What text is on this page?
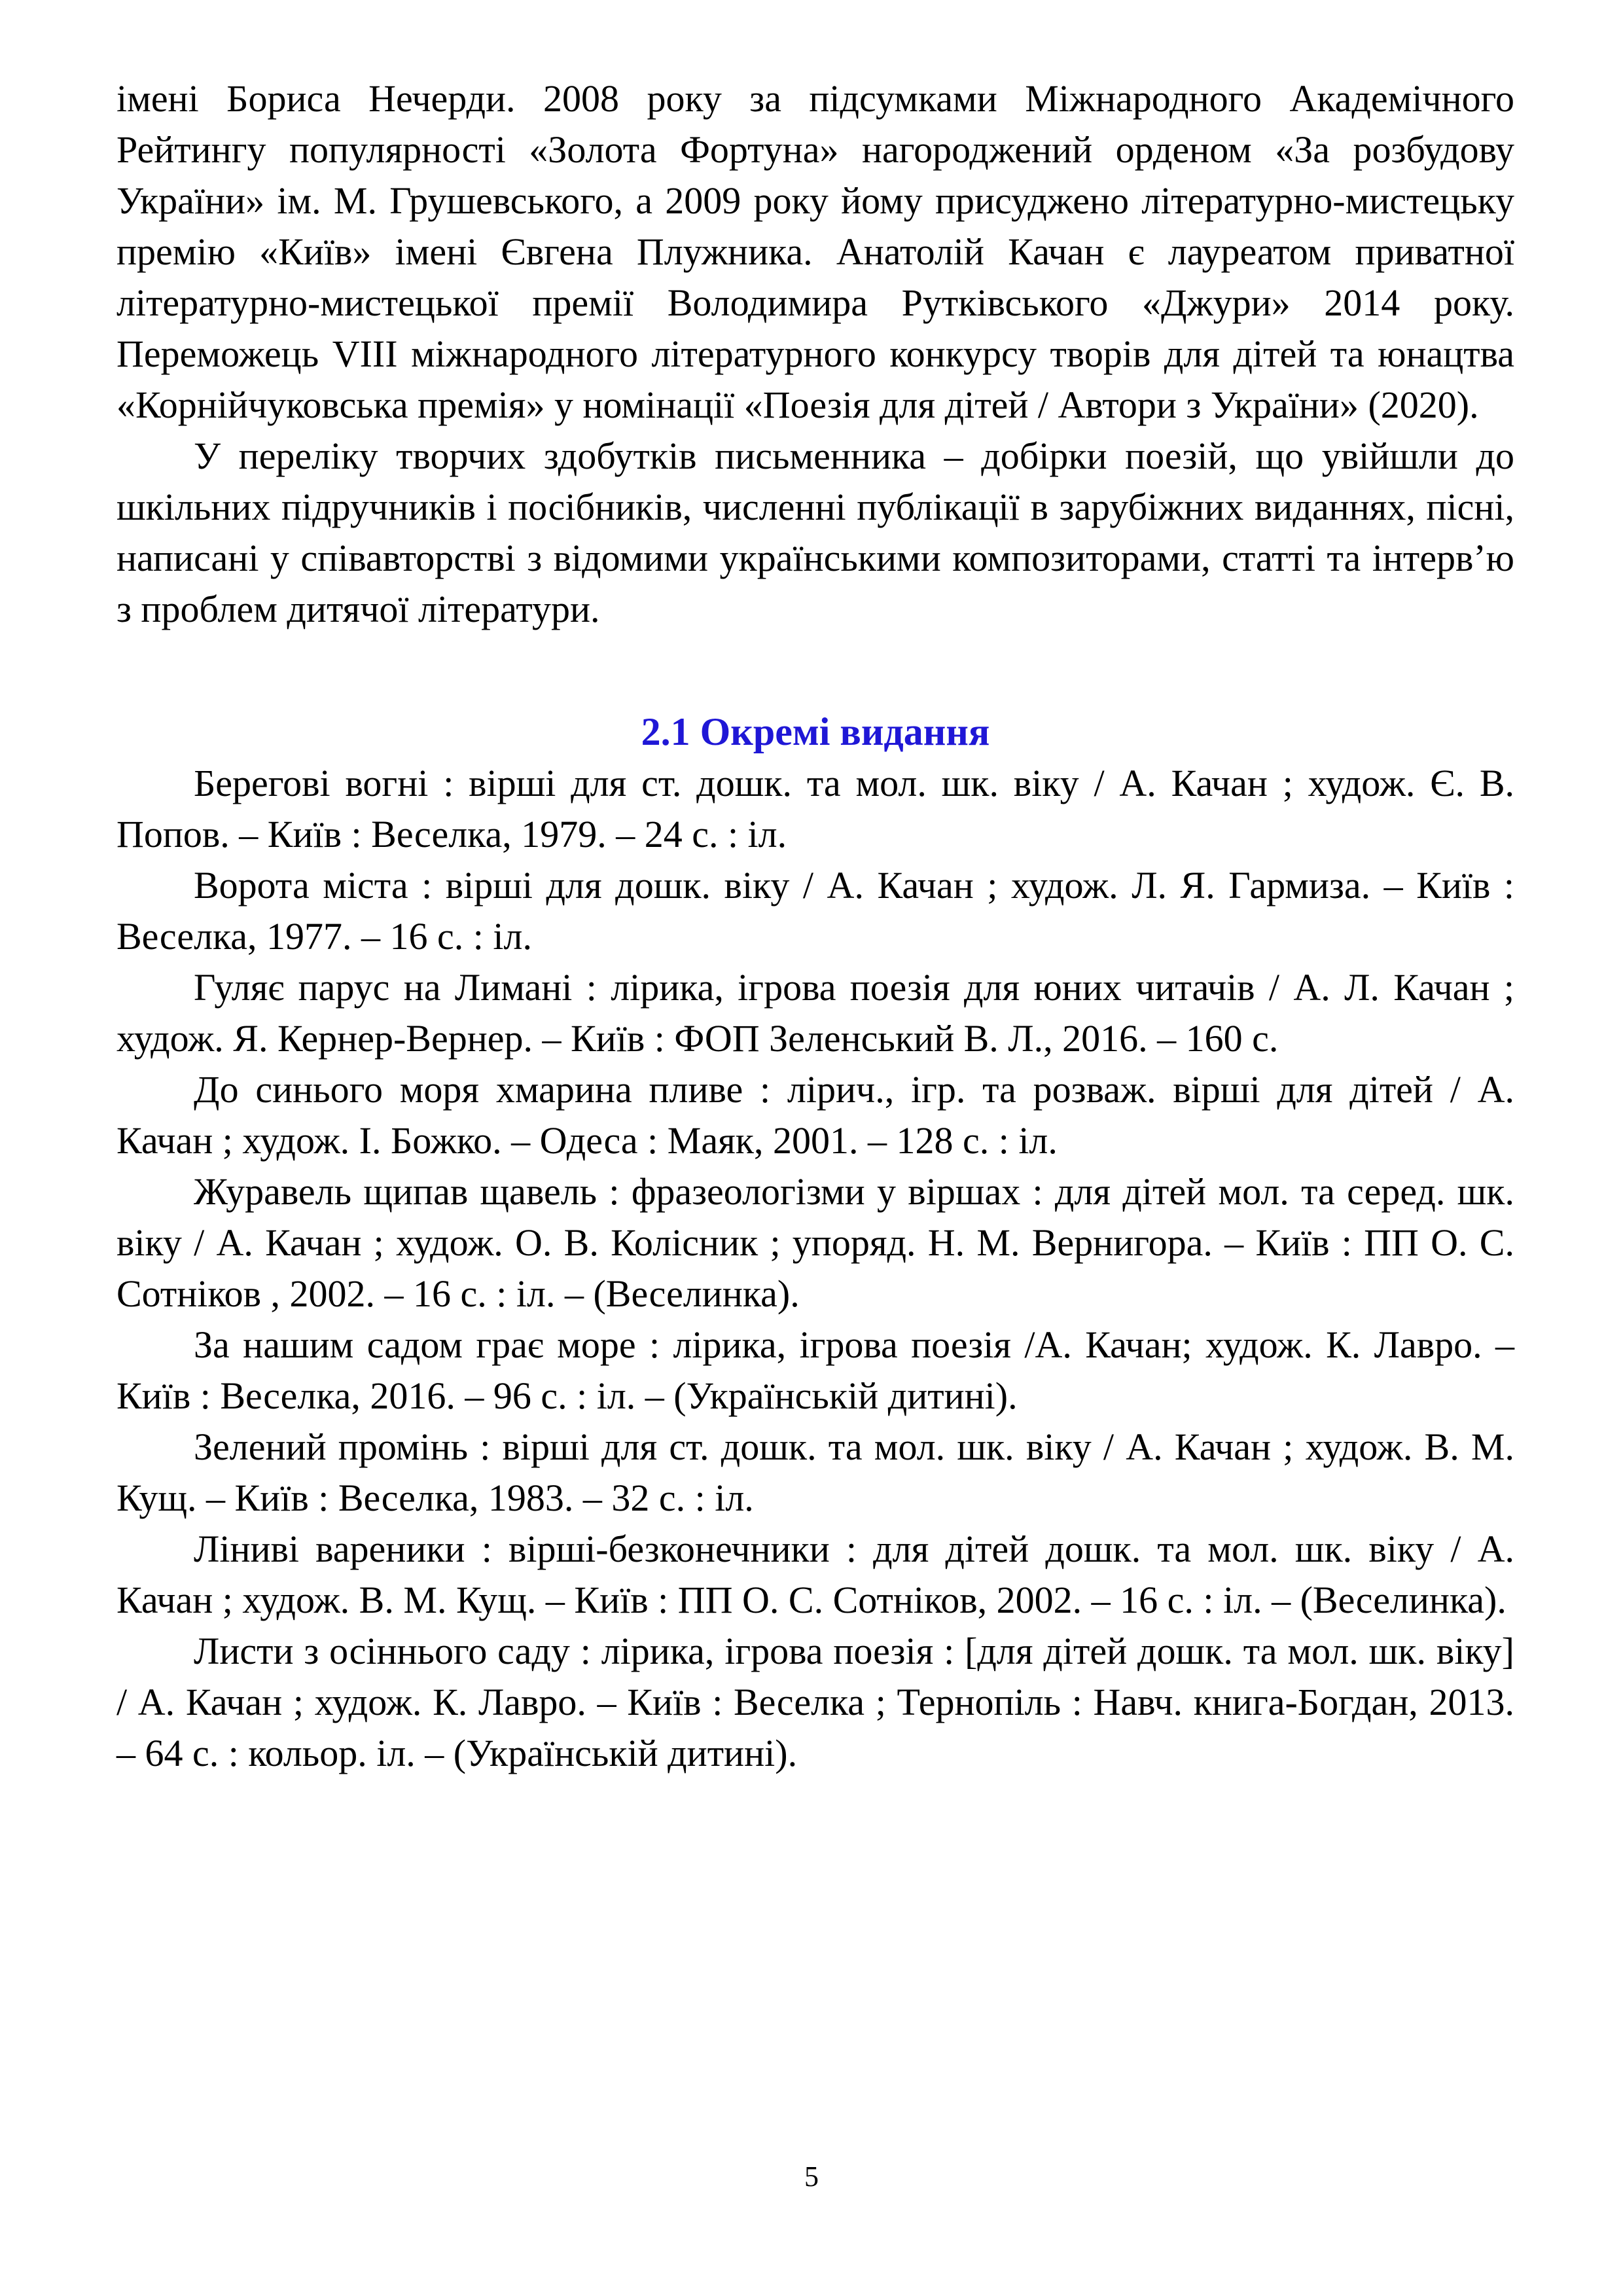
імені Бориса Нечерди. 2008 року за підсумками Міжнародного Академічного Рейтингу популярності «Золота Фортуна» нагороджений орденом «За розбудову України» ім. М. Грушевського, а 2009 року йому присуджено літературно-мистецьку премію «Київ» імені Євгена Плужника. Анатолій Качан є лауреатом приватної літературно-мистецької премії Володимира Рутківського «Джури» 2014 року. Переможець VIII міжнародного літературного конкурсу творів для дітей та юнацтва «Корнійчуковська премія» у номінації «Поезія для дітей / Автори з України» (2020).

У переліку творчих здобутків письменника – добірки поезій, що увійшли до шкільних підручників і посібників, численні публікації в зарубіжних виданнях, пісні, написані у співавторстві з відомими українськими композиторами, статті та інтерв’ю з проблем дитячої літератури.

2.1 Окремі видання

Берегові вогні : вірші для ст. дошк. та мол. шк. віку / А. Качан ; худож. Є. В. Попов. – Київ : Веселка, 1979. – 24 с. : іл.

Ворота міста : вірші для дошк. віку / А. Качан ; худож. Л. Я. Гармиза. – Київ : Веселка, 1977. – 16 с. : іл.

Гуляє парус на Лимані : лірика, ігрова поезія для юних читачів / А. Л. Качан ; худож. Я. Кернер-Вернер. – Київ : ФОП Зеленський В. Л., 2016. – 160 с.

До синього моря хмарина пливе : лірич., ігр. та розваж. вірші для дітей / А. Качан ; худож. І. Божко. – Одеса : Маяк, 2001. – 128 с. : іл.

Журавель щипав щавель : фразеологізми у віршах : для дітей мол. та серед. шк. віку / А. Качан ; худож. О. В. Колісник ; упоряд. Н. М. Вернигора. – Київ : ПП О. С. Сотніков , 2002. – 16 с. : іл. – (Веселинка).

За нашим садом грає море : лірика, ігрова поезія /А. Качан; худож. К. Лавро. – Київ : Веселка, 2016. – 96 с. : іл. – (Українській дитині).

Зелений промінь : вірші для ст. дошк. та мол. шк. віку / А. Качан ; худож. В. М. Кущ. – Київ : Веселка, 1983. – 32 с. : іл.

Ліниві вареники : вірші-безконечники : для дітей дошк. та мол. шк. віку / А. Качан ; худож. В. М. Кущ. – Київ : ПП О. С. Сотніков, 2002. – 16 с. : іл. – (Веселинка).

Листи з осіннього саду : лірика, ігрова поезія : [для дітей дошк. та мол. шк. віку] / А. Качан ; худож. К. Лавро. – Київ : Веселка ; Тернопіль : Навч. книга-Богдан, 2013. – 64 с. : кольор. іл. – (Українській дитині).

5
